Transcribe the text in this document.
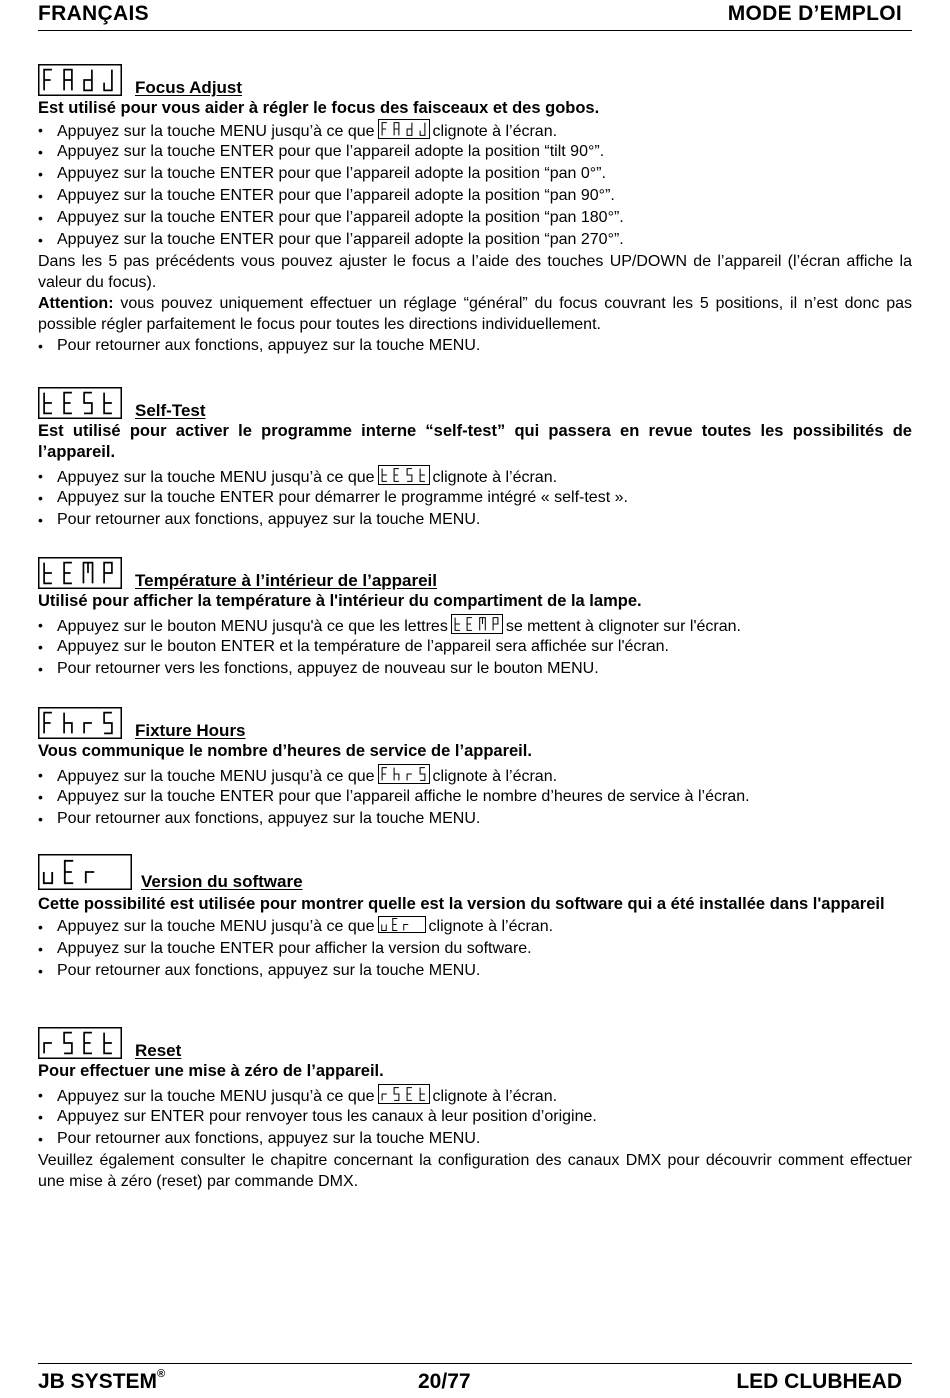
FRANÇAIS	MODE D’EMPLOI
Focus Adjust
Est utilisé pour vous aider à régler le focus des faisceaux et des gobos.
• Appuyez sur la touche MENU jusqu’à ce que	clignote à l’écran.
• Appuyez sur la touche ENTER pour que l’appareil adopte la position “tilt 90°”.
• Appuyez sur la touche ENTER pour que l’appareil adopte la position “pan 0°”.
• Appuyez sur la touche ENTER pour que l’appareil adopte la position “pan 90°”.
• Appuyez sur la touche ENTER pour que l’appareil adopte la position “pan 180°”.
• Appuyez sur la touche ENTER pour que l’appareil adopte la position “pan 270°”.

Dans les 5 pas précédents vous pouvez ajuster le focus a l’aide des touches UP/DOWN de l’appareil (l’écran affiche la valeur du focus).

Attention: vous pouvez uniquement effectuer un réglage “général” du focus couvrant les 5 positions, il n’est donc pas possible régler parfaitement le focus pour toutes les directions individuellement.

• Pour retourner aux fonctions, appuyez sur la touche MENU.
Self-Test
Est utilisé pour activer le programme interne “self-test” qui passera en revue toutes les possibilités de l’appareil.
• Appuyez sur la touche MENU jusqu’à ce que	clignote à l’écran.
• Appuyez sur la touche ENTER pour démarrer le programme intégré « self-test ».
• Pour retourner aux fonctions, appuyez sur la touche MENU.
Température à l’intérieur de l’appareil
Utilisé pour afficher la température à l'intérieur du compartiment de la lampe.
• Appuyez sur le bouton MENU jusqu'à ce que les lettres	se mettent à clignoter sur l'écran.
• Appuyez sur le bouton ENTER et la température de l’appareil sera affichée sur l'écran.
• Pour retourner vers les fonctions, appuyez de nouveau sur le bouton MENU.
Fixture Hours
Vous communique le nombre d’heures de service de l’appareil.
• Appuyez sur la touche MENU jusqu’à ce que	clignote à l’écran.
• Appuyez sur la touche ENTER pour que l’appareil affiche le nombre d’heures de service à l’écran.
• Pour retourner aux fonctions, appuyez sur la touche MENU.
Version du software
Cette possibilité est utilisée pour montrer quelle est la version du software qui a été installée dans l'appareil
• Appuyez sur la touche MENU jusqu’à ce que	clignote à l’écran.
• Appuyez sur la touche ENTER pour afficher la version du software.
• Pour retourner aux fonctions, appuyez sur la touche MENU.
Reset
Pour effectuer une mise à zéro de l’appareil.
• Appuyez sur la touche MENU jusqu’à ce que	clignote à l’écran.
• Appuyez sur ENTER pour renvoyer tous les canaux à leur position d’origine.
• Pour retourner aux fonctions, appuyez sur la touche MENU.

Veuillez également consulter le chapitre concernant la configuration des canaux DMX pour découvrir comment effectuer une mise à zéro (reset) par commande DMX.

JB SYSTEM®	20/77	LED CLUBHEAD
